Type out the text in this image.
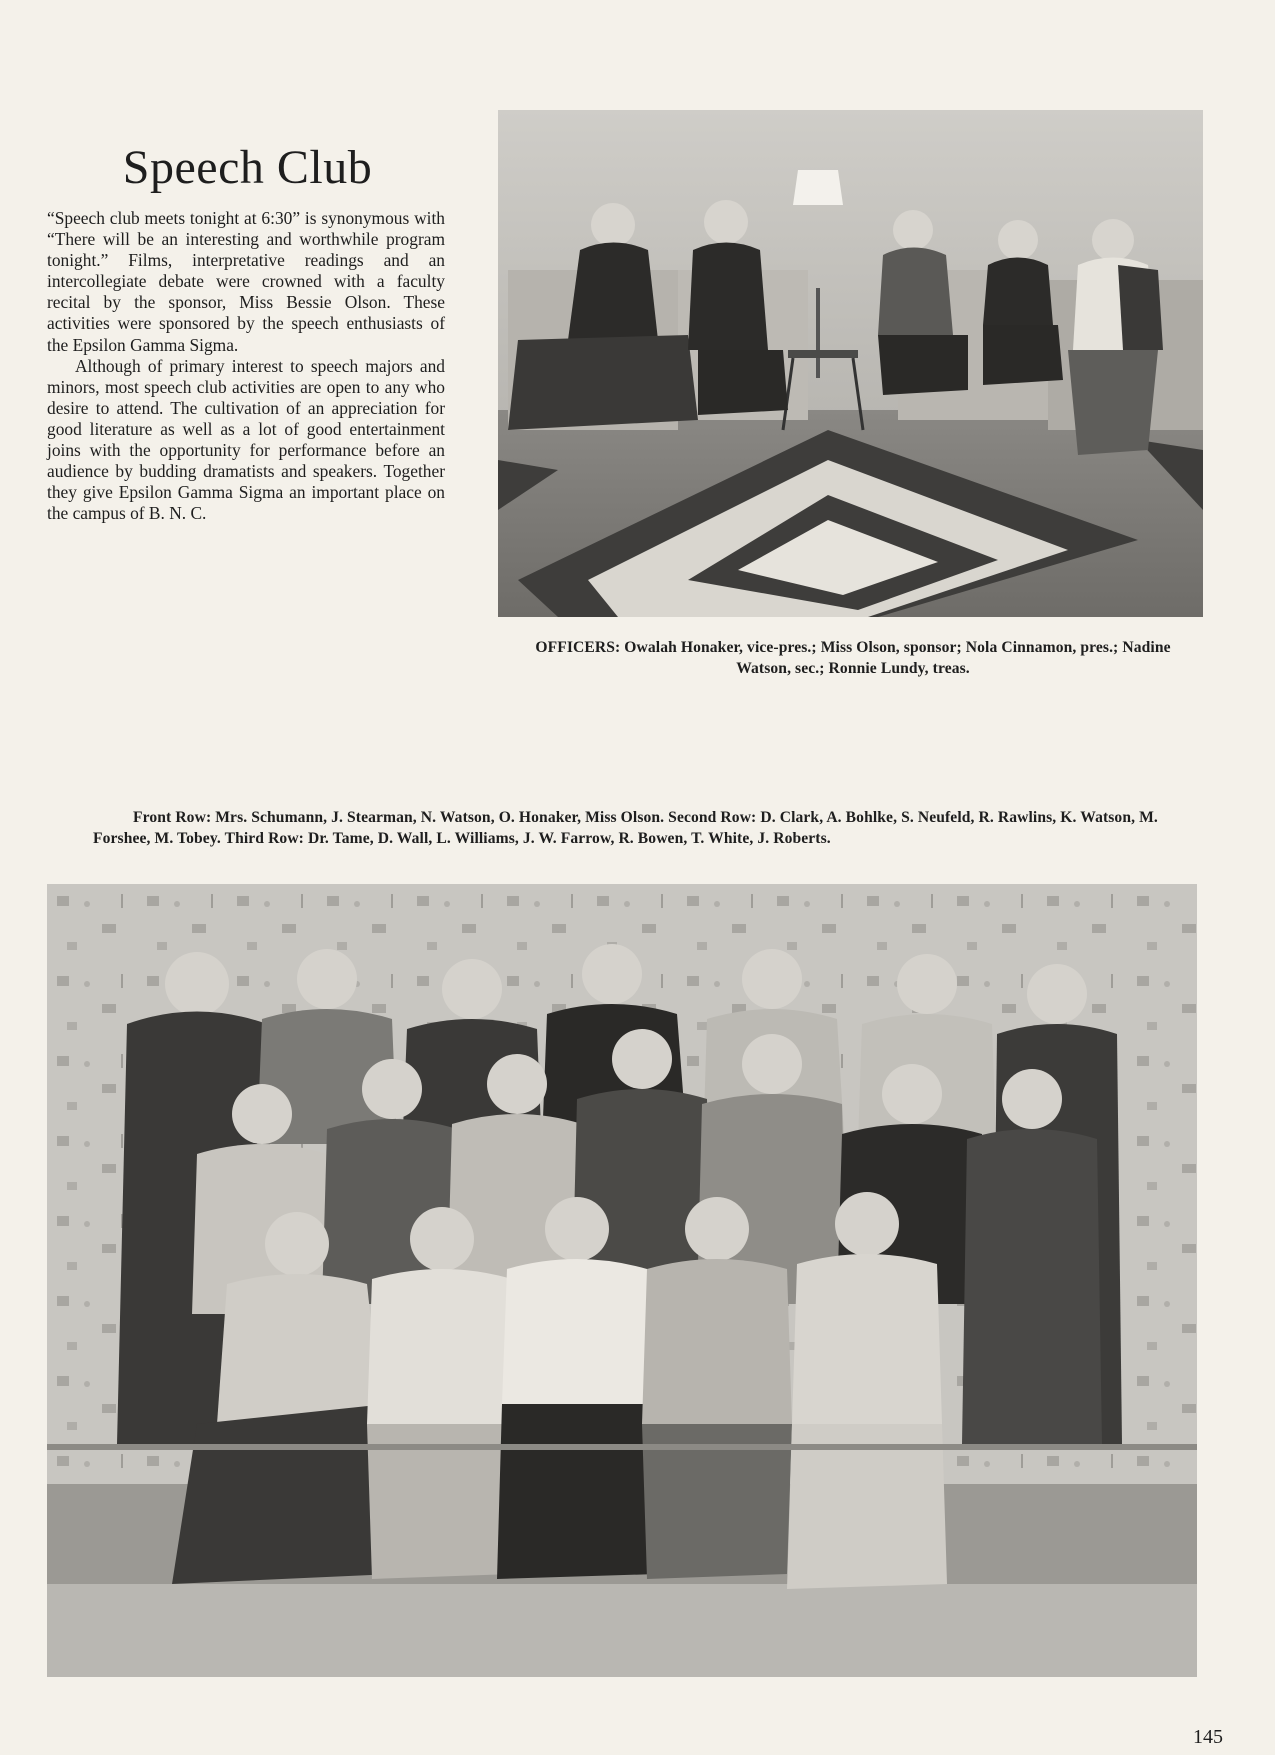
Speech Club

“Speech club meets tonight at 6:30” is synonymous with “There will be an interesting and worthwhile program tonight.” Films, interpretative readings and an intercollegiate debate were crowned with a faculty recital by the sponsor, Miss Bessie Olson. These activities were sponsored by the speech enthusiasts of the Epsilon Gamma Sigma.

Although of primary interest to speech majors and minors, most speech club activities are open to any who desire to attend. The cultivation of an appreciation for good literature as well as a lot of good entertainment joins with the opportunity for performance before an audience by budding dramatists and speakers. Together they give Epsilon Gamma Sigma an important place on the campus of B. N. C.

OFFICERS: Owalah Honaker, vice-pres.; Miss Olson, sponsor; Nola Cinnamon, pres.; Nadine Watson, sec.; Ronnie Lundy, treas.

Front Row: Mrs. Schumann, J. Stearman, N. Watson, O. Honaker, Miss Olson. Second Row: D. Clark, A. Bohlke, S. Neufeld, R. Rawlins, K. Watson, M. Forshee, M. Tobey. Third Row: Dr. Tame, D. Wall, L. Williams, J. W. Farrow, R. Bowen, T. White, J. Roberts.

145
